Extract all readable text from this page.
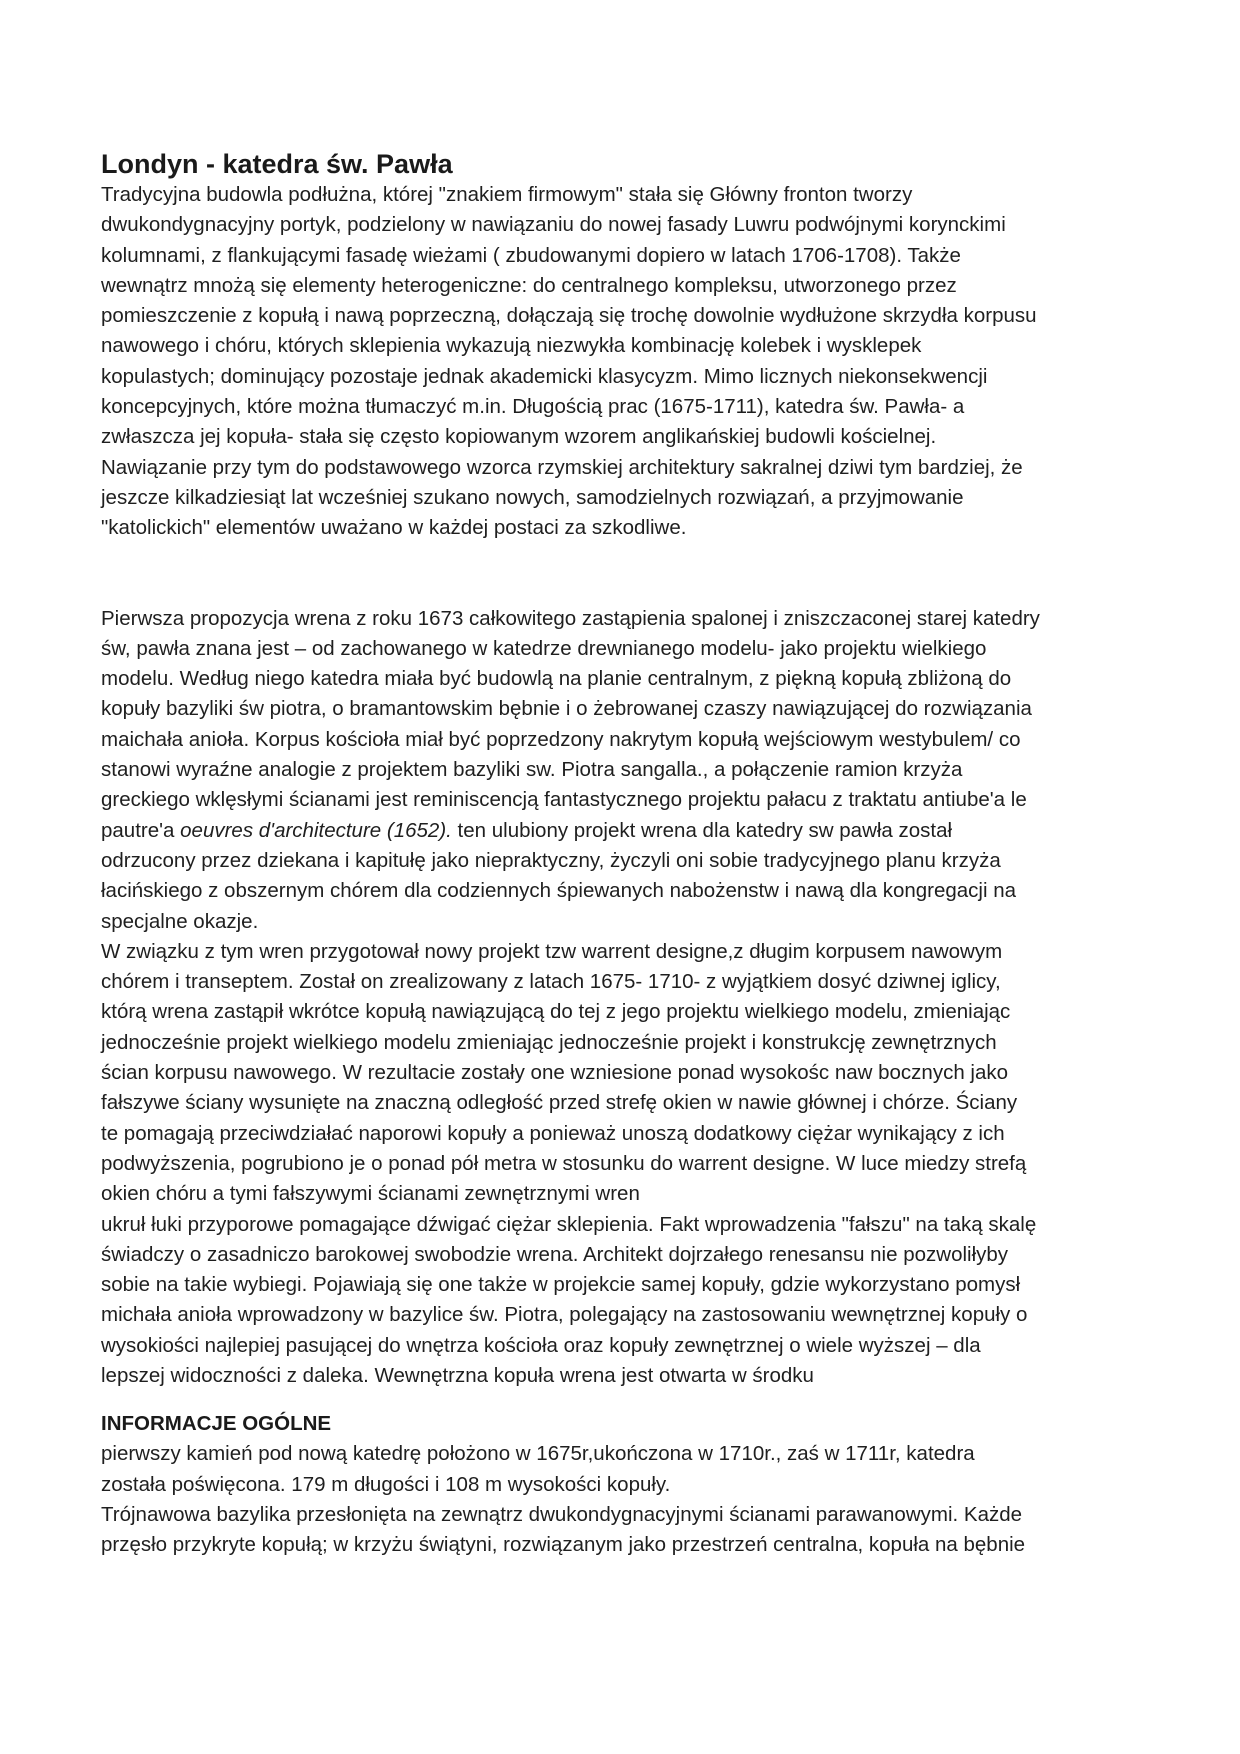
Londyn - katedra św. Pawła
Tradycyjna budowla podłużna, której "znakiem firmowym" stała się Główny fronton tworzy
dwukondygnacyjny portyk, podzielony w nawiązaniu do nowej fasady Luwru podwójnymi korynckimi
kolumnami, z flankującymi fasadę wieżami ( zbudowanymi dopiero w latach 1706-1708). Także
wewnątrz mnożą się elementy heterogeniczne: do centralnego kompleksu, utworzonego przez
pomieszczenie z kopułą i nawą poprzeczną, dołączają się trochę dowolnie wydłużone skrzydła korpusu
nawowego i chóru, których sklepienia wykazują niezwykła kombinację kolebek i wysklepek
kopulastych; dominujący pozostaje jednak akademicki klasycyzm. Mimo licznych niekonsekwencji
koncepcyjnych, które można tłumaczyć m.in. Długością prac (1675-1711), katedra św. Pawła- a
zwłaszcza jej kopuła- stała się często kopiowanym wzorem anglikańskiej budowli kościelnej.
Nawiązanie przy tym do podstawowego wzorca rzymskiej architektury sakralnej dziwi tym bardziej, że
jeszcze kilkadziesiąt lat wcześniej szukano nowych, samodzielnych rozwiązań, a przyjmowanie
"katolickich" elementów uważano w każdej postaci za szkodliwe.
Pierwsza propozycja wrena z roku 1673 całkowitego zastąpienia spalonej i zniszczaconej starej katedry
św, pawła znana jest – od zachowanego w katedrze drewnianego modelu- jako projektu wielkiego
modelu. Według niego katedra miała być budowlą na planie centralnym, z piękną kopułą zbliżoną do
kopuły bazyliki św piotra, o bramantowskim bębnie i o żebrowanej czaszy nawiązującej do rozwiązania
maichała anioła. Korpus kościoła miał być poprzedzony nakrytym kopułą wejściowym westybulem/ co
stanowi wyraźne analogie z projektem bazyliki sw. Piotra sangalla., a połączenie ramion krzyża
greckiego wklęsłymi ścianami jest reminiscencją fantastycznego projektu pałacu z traktatu antiube'a le
pautre'a oeuvres d'architecture (1652). ten ulubiony projekt wrena dla katedry sw pawła został
odrzucony przez dziekana i kapitułę jako niepraktyczny, życzyli oni sobie tradycyjnego planu krzyża
łacińskiego z obszernym chórem dla codziennych śpiewanych nabożenstw i nawą dla kongregacji na
specjalne okazje.
W związku z tym wren przygotował nowy projekt tzw warrent designe,z długim korpusem nawowym
chórem i transeptem. Został on zrealizowany z latach 1675- 1710- z wyjątkiem dosyć dziwnej iglicy,
którą wrena zastąpił wkrótce kopułą nawiązującą do tej z jego projektu wielkiego modelu, zmieniając
jednocześnie projekt wielkiego modelu zmieniając jednocześnie projekt i konstrukcję zewnętrznych
ścian korpusu nawowego. W rezultacie zostały one wzniesione ponad wysokośc naw bocznych jako
fałszywe ściany wysunięte na znaczną odległość przed strefę okien w nawie głównej i chórze. Ściany
te pomagają przeciwdziałać naporowi kopuły a ponieważ unoszą dodatkowy ciężar wynikający z ich
podwyższenia, pogrubiono je o ponad pół metra w stosunku do warrent designe. W luce miedzy strefą
okien chóru a tymi fałszywymi ścianami zewnętrznymi wren
ukruł łuki przyporowe pomagające dźwigać ciężar sklepienia. Fakt wprowadzenia "fałszu" na taką skalę
świadczy o zasadniczo barokowej swobodzie wrena. Architekt dojrzałego renesansu nie pozwoliłyby
sobie na takie wybiegi. Pojawiają się one także w projekcie samej kopuły, gdzie wykorzystano pomysł
michała anioła wprowadzony w bazylice św. Piotra, polegający na zastosowaniu wewnętrznej kopuły o
wysokiości najlepiej pasującej do wnętrza kościoła oraz kopuły zewnętrznej o wiele wyższej – dla
lepszej widoczności z daleka. Wewnętrzna kopuła wrena jest otwarta w środku
INFORMACJE OGÓLNE
pierwszy kamień pod nową katedrę położono w 1675r,ukończona w 1710r., zaś w 1711r, katedra
została poświęcona. 179 m długości i 108 m wysokości kopuły.
Trójnawowa bazylika przesłonięta na zewnątrz dwukondygnacyjnymi ścianami parawanowymi. Każde
przęsło przykryte kopułą; w krzyżu świątyni, rozwiązanym jako przestrzeń centralna, kopuła na bębnie
